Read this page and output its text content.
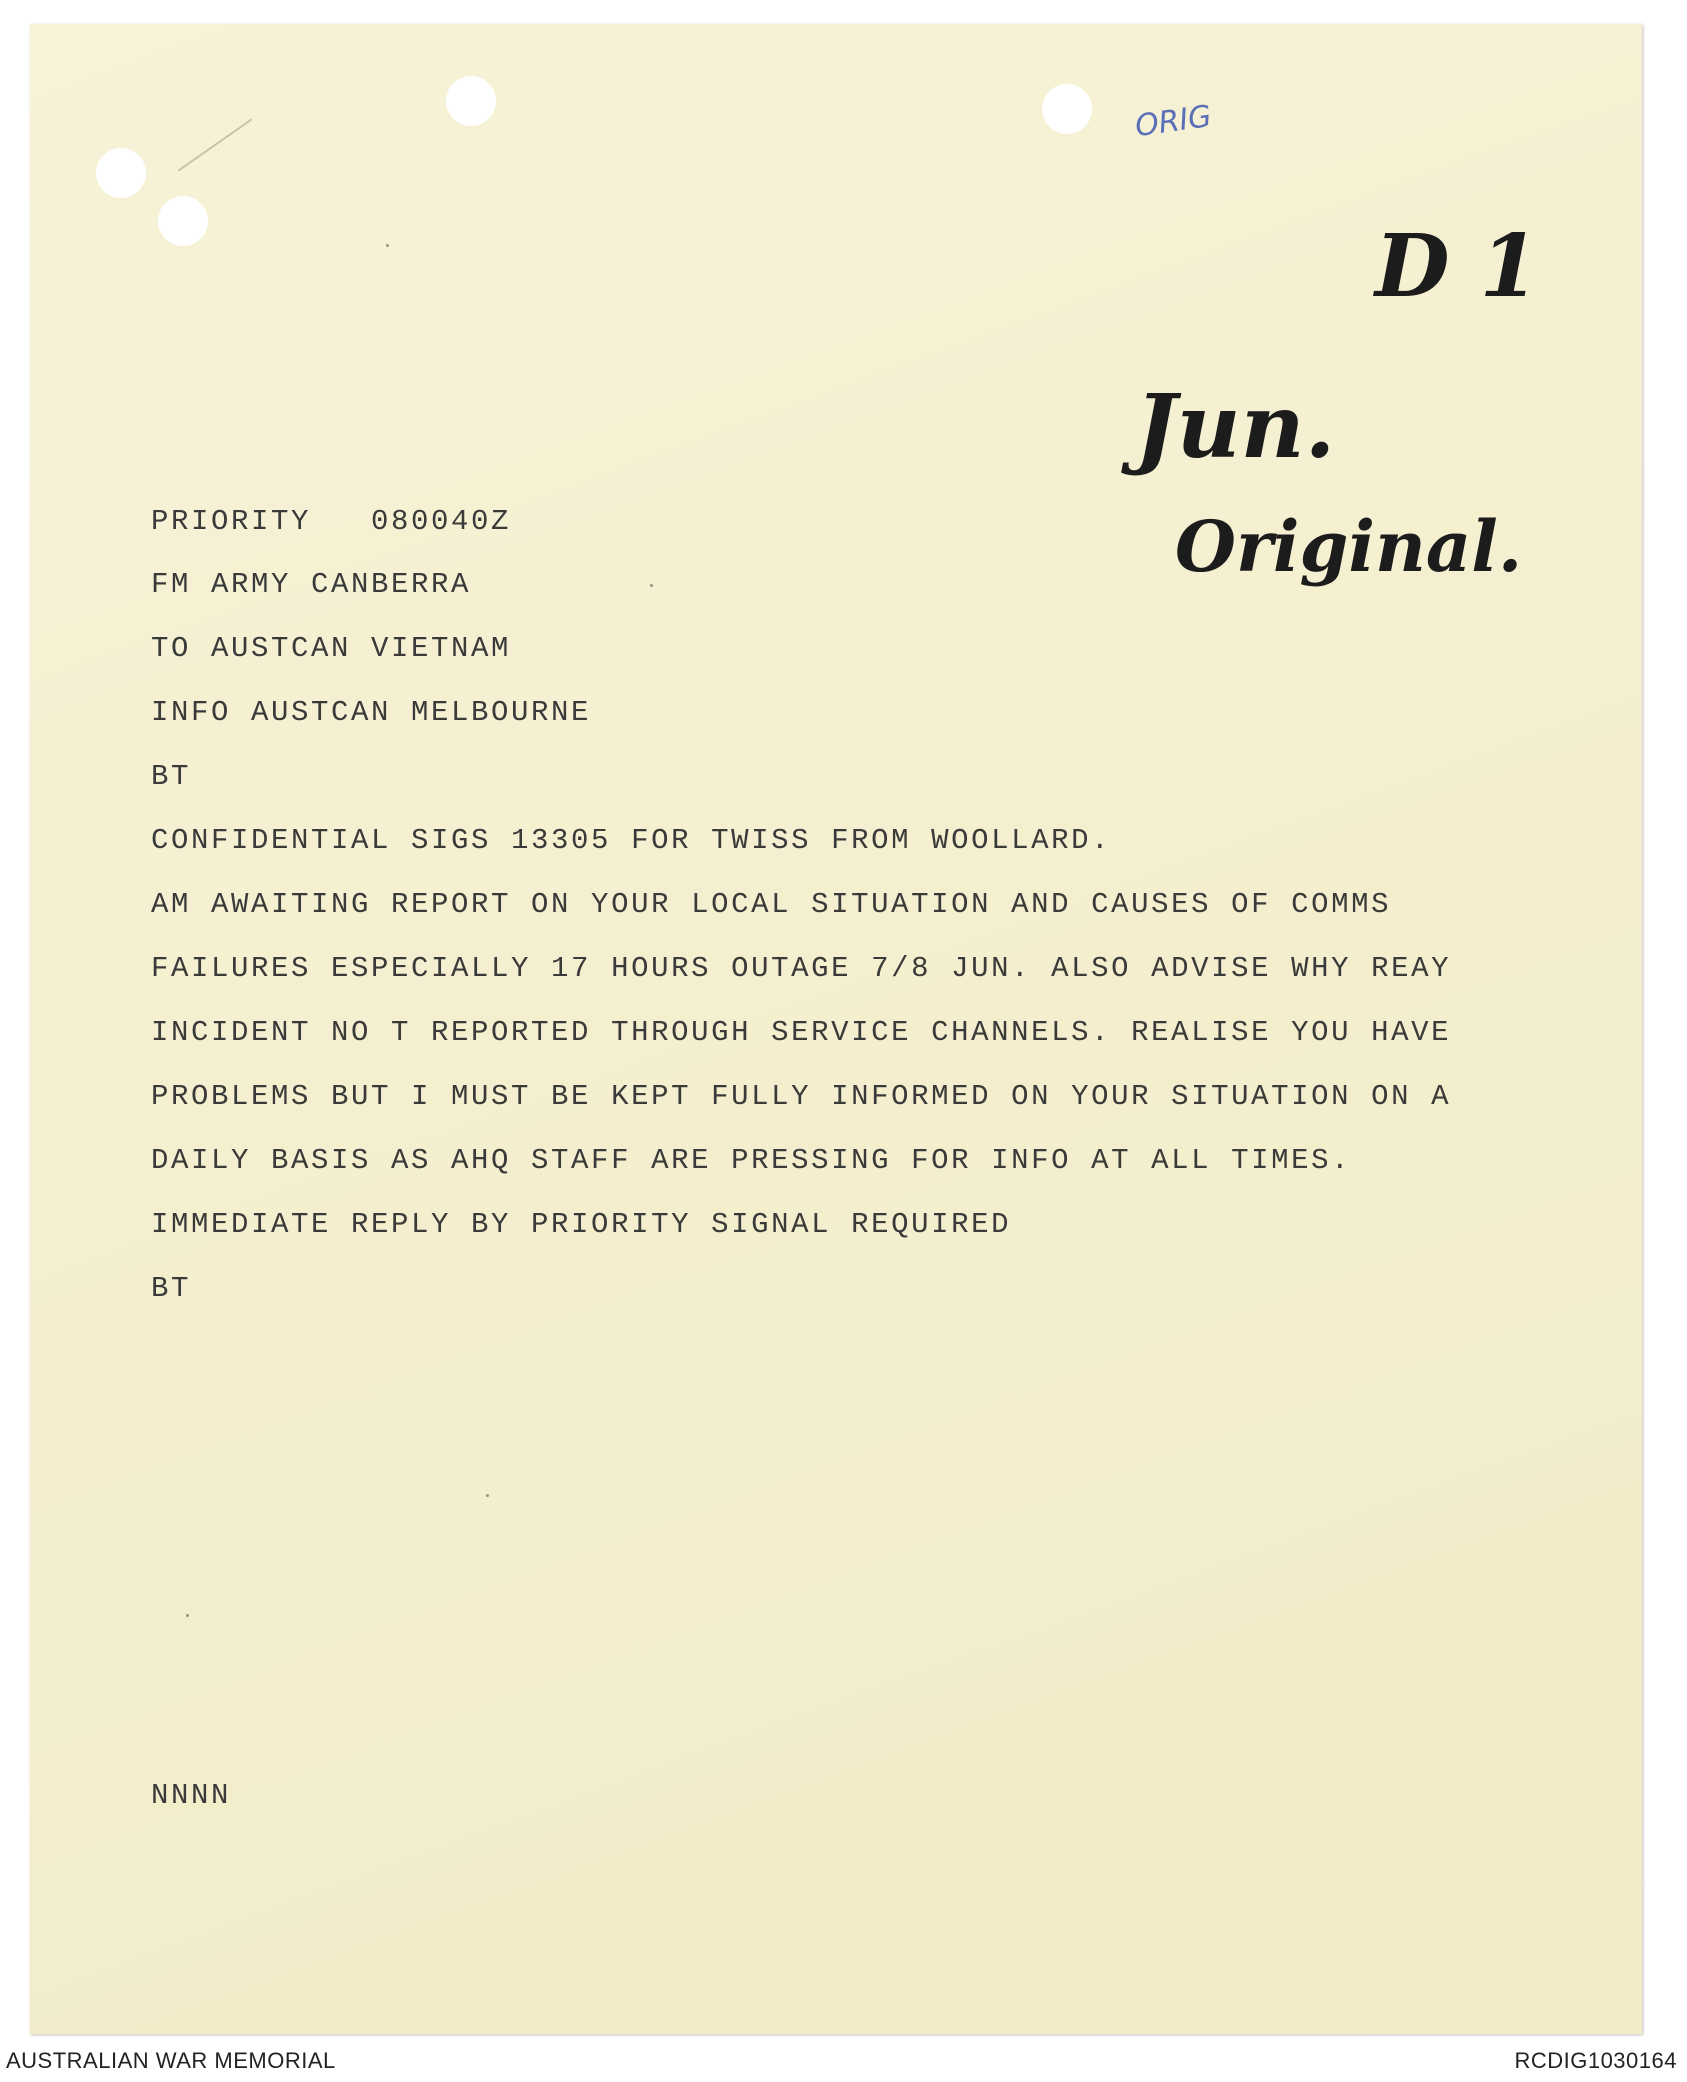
ORIG
D 1
Jun.
Original.
PRIORITY   080040Z
FM ARMY CANBERRA
TO AUSTCAN VIETNAM
INFO AUSTCAN MELBOURNE
BT
CONFIDENTIAL SIGS 13305 FOR TWISS FROM WOOLLARD.
AM AWAITING REPORT ON YOUR LOCAL SITUATION AND CAUSES OF COMMS
FAILURES ESPECIALLY 17 HOURS OUTAGE 7/8 JUN. ALSO ADVISE WHY REAY
INCIDENT NO T REPORTED THROUGH SERVICE CHANNELS. REALISE YOU HAVE
PROBLEMS BUT I MUST BE KEPT FULLY INFORMED ON YOUR SITUATION ON A
DAILY BASIS AS AHQ STAFF ARE PRESSING FOR INFO AT ALL TIMES.
IMMEDIATE REPLY BY PRIORITY SIGNAL REQUIRED
BT
NNNN
AUSTRALIAN WAR MEMORIAL	RCDIG1030164
